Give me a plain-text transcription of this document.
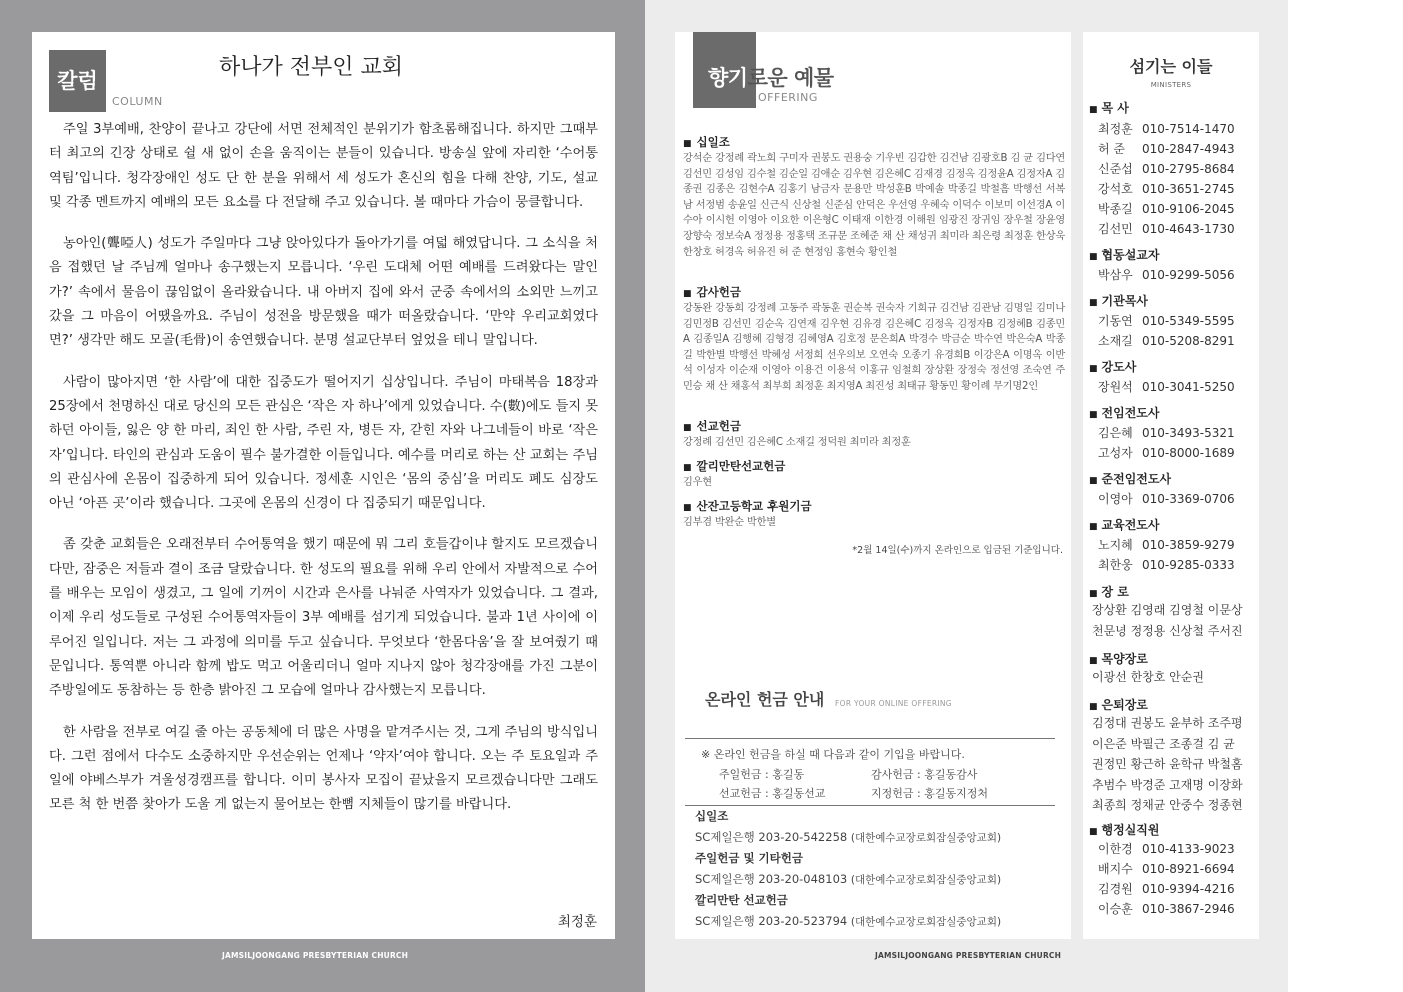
칼럼
COLUMN
하나가 전부인 교회

주일 3부예배, 찬양이 끝나고 강단에 서면 전체적인 분위기가 함초롬해집니다. 하지만 그때부터 최고의 긴장 상태로 쉴 새 없이 손을 움직이는 분들이 있습니다. 방송실 앞에 자리한 ‘수어통역팀’입니다. 청각장애인 성도 단 한 분을 위해서 세 성도가 혼신의 힘을 다해 찬양, 기도, 설교 및 각종 멘트까지 예배의 모든 요소를 다 전달해 주고 있습니다. 볼 때마다 가슴이 뭉클합니다.

농아인(聾啞人) 성도가 주일마다 그냥 앉아있다가 돌아가기를 여덟 해였답니다. 그 소식을 처음 접했던 날 주님께 얼마나 송구했는지 모릅니다. ‘우린 도대체 어떤 예배를 드려왔다는 말인가?’ 속에서 물음이 끊임없이 올라왔습니다. 내 아버지 집에 와서 군중 속에서의 소외만 느끼고 갔을 그 마음이 어땠을까요. 주님이 성전을 방문했을 때가 떠올랐습니다. ‘만약 우리교회였다면?’ 생각만 해도 모골(毛骨)이 송연했습니다. 분명 설교단부터 엎었을 테니 말입니다.

사람이 많아지면 ‘한 사람’에 대한 집중도가 떨어지기 십상입니다. 주님이 마태복음 18장과 25장에서 천명하신 대로 당신의 모든 관심은 ‘작은 자 하나’에게 있었습니다. 수(數)에도 들지 못하던 아이들, 잃은 양 한 마리, 죄인 한 사람, 주린 자, 병든 자, 갇힌 자와 나그네들이 바로 ‘작은 자’입니다. 타인의 관심과 도움이 필수 불가결한 이들입니다. 예수를 머리로 하는 산 교회는 주님의 관심사에 온몸이 집중하게 되어 있습니다. 정세훈 시인은 ‘몸의 중심’을 머리도 폐도 심장도 아닌 ‘아픈 곳’이라 했습니다. 그곳에 온몸의 신경이 다 집중되기 때문입니다.

좀 갖춘 교회들은 오래전부터 수어통역을 했기 때문에 뭐 그리 호들갑이냐 할지도 모르겠습니다만, 잠중은 저들과 결이 조금 달랐습니다. 한 성도의 필요를 위해 우리 안에서 자발적으로 수어를 배우는 모임이 생겼고, 그 일에 기꺼이 시간과 은사를 나눠준 사역자가 있었습니다. 그 결과, 이제 우리 성도들로 구성된 수어통역자들이 3부 예배를 섬기게 되었습니다. 불과 1년 사이에 이루어진 일입니다. 저는 그 과정에 의미를 두고 싶습니다. 무엇보다 ‘한몸다움’을 잘 보여줬기 때문입니다. 통역뿐 아니라 함께 밥도 먹고 어울리더니 얼마 지나지 않아 청각장애를 가진 그분이 주방일에도 동참하는 등 한층 밝아진 그 모습에 얼마나 감사했는지 모릅니다.

한 사람을 전부로 여길 줄 아는 공동체에 더 많은 사명을 맡겨주시는 것, 그게 주님의 방식입니다. 그런 점에서 다수도 소중하지만 우선순위는 언제나 ‘약자’여야 합니다. 오는 주 토요일과 주일에 야베스부가 겨울성경캠프를 합니다. 이미 봉사자 모집이 끝났을지 모르겠습니다만 그래도 모른 척 한 번쯤 찾아가 도울 게 없는지 물어보는 한뼘 지체들이 많기를 바랍니다.

최정훈
JAMSILJOONGANG PRESBYTERIAN CHURCH
향기로운 예물
OFFERING
■ 십일조
강석순 강정례 곽노희 구미자 권봉도 권용숭 기우빈 김갑한 김건남 김광호B 김 균 김다연 김선민 김성임 김수철 김순일 김애순 김우현 김은혜C 김재경 김정옥 김정윤A 김정자A 김종권 김종은 김현수A 김홍기 남금자 문용만 박성훈B 박예솔 박종길 박철흠 박행선 서복남 서정범 송윤일 신근식 신상철 신준심 안덕은 우선영 우혜숙 이덕수 이보미 이선경A 이수아 이시헌 이영아 이요한 이은형C 이태재 이한경 이해원 임광진 장귀임 장우철 장윤영 장향숙 정보숙A 정정용 정홍택 조규문 조혜준 채 산 채성귀 최미라 최은령 최정훈 한상욱 한창호 허경옥 허유진 허 준 현정임 홍현숙 황인철
■ 감사헌금
강동완 강동희 강정례 고동주 곽동훈 권순복 권숙자 기희규 김건남 김관남 김명일 김미나 김민정B 김선민 김순옥 김연재 김우현 김유경 김은혜C 김정옥 김정자B 김정혜B 김종민A 김종일A 김행혜 김형경 김혜영A 김호정 문은희A 박경수 박금순 박수연 박은숙A 박종길 박한별 박행선 박혜성 서정희 선우의보 오연숙 오종기 유경희B 이강은A 이명옥 이반석 이성자 이순재 이영아 이용건 이용석 이홍규 임철희 장상환 장정숙 정선영 조숙연 주민승 채 산 채홍석 최부희 최정훈 최지영A 최진성 최태규 황동민 황이례 무기명2인
■ 선교헌금
강정례 김선민 김은혜C 소재길 정덕원 최미라 최정훈
■ 깔리만탄선교헌금
김우현
■ 산잔고등학교 후원기금
김부겸 박완순 박한별
*2월 14일(수)까지 온라인으로 입금된 기준입니다.
온라인 헌금 안내 FOR YOUR ONLINE OFFERING
※ 온라인 헌금을 하실 때 다음과 같이 기입을 바랍니다.
주일헌금 : 홍길동	감사헌금 : 홍길동감사
선교헌금 : 홍길동선교	지정헌금 : 홍길동지정처
십일조
SC제일은행 203-20-542258 (대한예수교장로회잠실중앙교회)
주일헌금 및 기타헌금
SC제일은행 203-20-048103 (대한예수교장로회잠실중앙교회)
깔리만탄 선교헌금
SC제일은행 203-20-523794 (대한예수교장로회잠실중앙교회)
JAMSILJOONGANG PRESBYTERIAN CHURCH
섬기는 이들
MINISTERS
■ 목 사
최정훈 010-7514-1470
허 준 010-2847-4943
신준섭 010-2795-8684
강석호 010-3651-2745
박종길 010-9106-2045
김선민 010-4643-1730
■ 협동설교자
박삼우 010-9299-5056
■ 기관목사
기동연 010-5349-5595
소재길 010-5208-8291
■ 강도사
장원석 010-3041-5250
■ 전임전도사
김은혜 010-3493-5321
고성자 010-8000-1689
■ 준전임전도사
이영아 010-3369-0706
■ 교육전도사
노지혜 010-3859-9279
최한웅 010-9285-0333
■ 장 로
장상환 김영래 김영철 이문상
천문녕 정정용 신상철 주서진
■ 목양장로
이광선 한창호 안순권
■ 은퇴장로
김정대 권봉도 윤부하 조주평
이은준 박필근 조종걸 김 균
권정민 황근하 윤학규 박철홈
추범수 박경준 고재명 이장화
최종희 정채균 안중수 정종현
■ 행정실직원
이한경 010-4133-9023
배지수 010-8921-6694
김경원 010-9394-4216
이승훈 010-3867-2946
